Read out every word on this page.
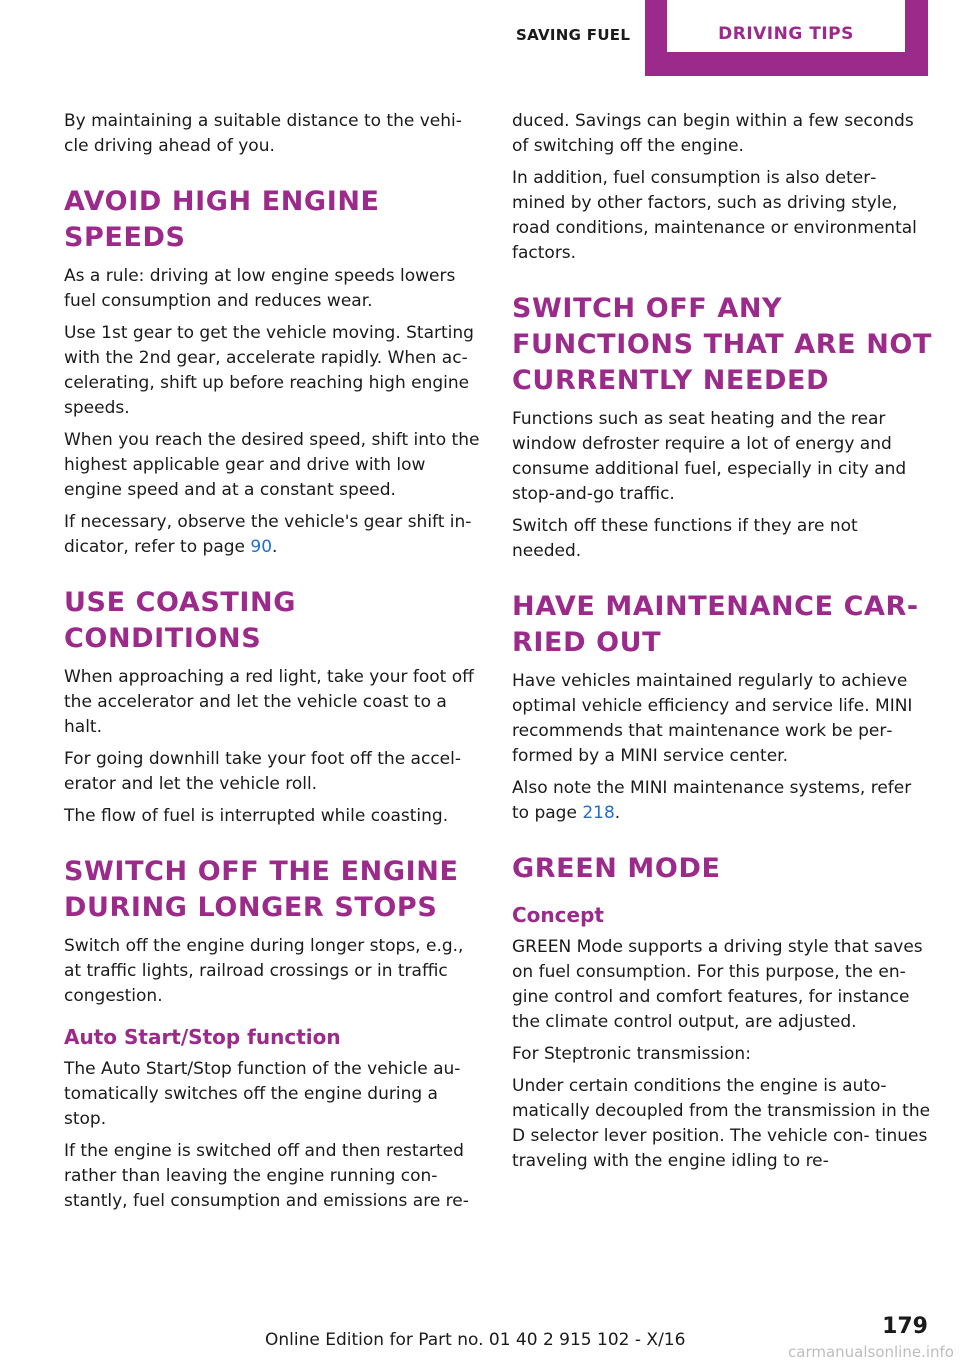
SAVING FUEL	DRIVING TIPS

By maintaining a suitable distance to the vehi‐ cle driving ahead of you.

AVOID HIGH ENGINE SPEEDS

As a rule: driving at low engine speeds lowers fuel consumption and reduces wear.

Use 1st gear to get the vehicle moving. Starting with the 2nd gear, accelerate rapidly. When ac‐ celerating, shift up before reaching high engine speeds.

When you reach the desired speed, shift into the highest applicable gear and drive with low engine speed and at a constant speed.

If necessary, observe the vehicle's gear shift in‐ dicator, refer to page 90.

USE COASTING CONDITIONS

When approaching a red light, take your foot off the accelerator and let the vehicle coast to a halt.

For going downhill take your foot off the accel‐ erator and let the vehicle roll.

The flow of fuel is interrupted while coasting.

SWITCH OFF THE ENGINE DURING LONGER STOPS

Switch off the engine during longer stops, e.g., at traffic lights, railroad crossings or in traffic congestion.

Auto Start/Stop function

The Auto Start/Stop function of the vehicle au‐ tomatically switches off the engine during a stop.

If the engine is switched off and then restarted rather than leaving the engine running con‐ stantly, fuel consumption and emissions are re‐

duced. Savings can begin within a few seconds of switching off the engine.

In addition, fuel consumption is also deter‐ mined by other factors, such as driving style, road conditions, maintenance or environmental factors.

SWITCH OFF ANY FUNCTIONS THAT ARE NOT CURRENTLY NEEDED

Functions such as seat heating and the rear window defroster require a lot of energy and consume additional fuel, especially in city and stop-and-go traffic.

Switch off these functions if they are not needed.

HAVE MAINTENANCE CAR‐ RIED OUT

Have vehicles maintained regularly to achieve optimal vehicle efficiency and service life. MINI recommends that maintenance work be per‐ formed by a MINI service center.

Also note the MINI maintenance systems, refer to page 218.

GREEN MODE
Concept

GREEN Mode supports a driving style that saves on fuel consumption. For this purpose, the en‐ gine control and comfort features, for instance the climate control output, are adjusted.

For Steptronic transmission:

Under certain conditions the engine is auto‐ matically decoupled from the transmission in the D selector lever position. The vehicle con‐ tinues traveling with the engine idling to re‐

Online Edition for Part no. 01 40 2 915 102 - X/16
179
carmanualsonline.info
